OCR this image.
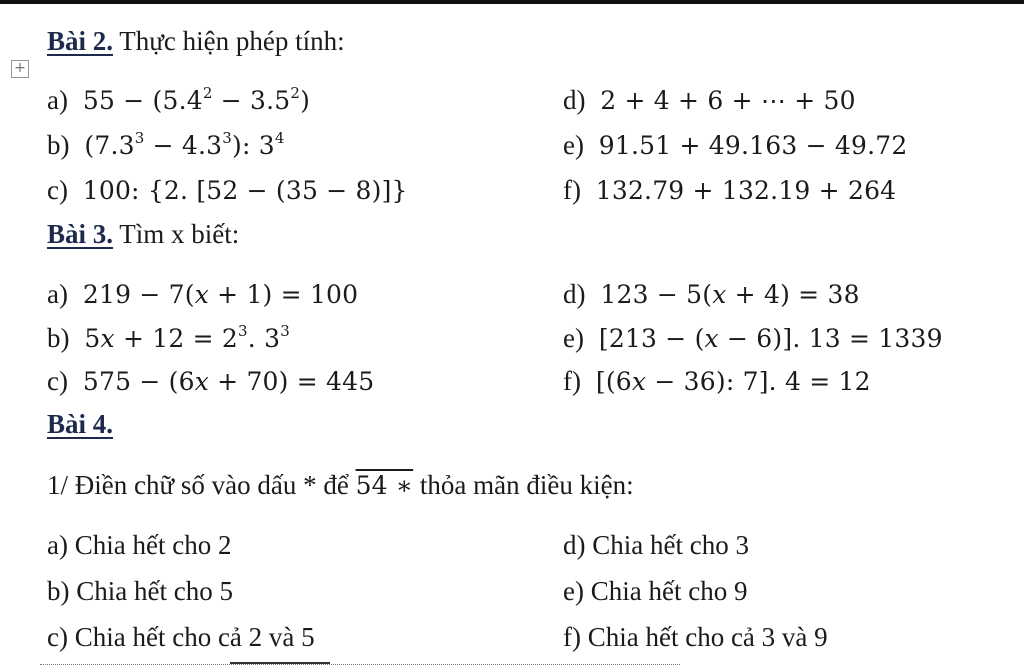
+
Bài 2. Thực hiện phép tính:
a)  $55 - (5.4^2 - 3.5^2)$
b)  $(7.3^3 - 4.3^3)$: $3^4$
c) 100: {2. [52 − (35 − 8)]}
d) 2 + 4 + 6 + ⋯ + 50
e) 91.51 + 49.163 − 49.72
f) 132.79 + 132.19 + 264
Bài 3. Tìm x biết:
a)  219 − 7(x + 1) = 100
b)  $5x + 12 = 2^3$. $3^3$
c)  575 − (6x + 70) = 445
d)  123 − 5(x + 4) = 38
e)  [213 − (x − 6)]. 13 = 1339
f)  [(6x − 36): 7]. 4 = 12
Bài 4.
1/ Điền chữ số vào dấu * để 54 ∗ thỏa mãn điều kiện:
a) Chia hết cho 2
b) Chia hết cho 5
c) Chia hết cho cả 2 và 5
d) Chia hết cho 3
e) Chia hết cho 9
f) Chia hết cho cả 3 và 9
